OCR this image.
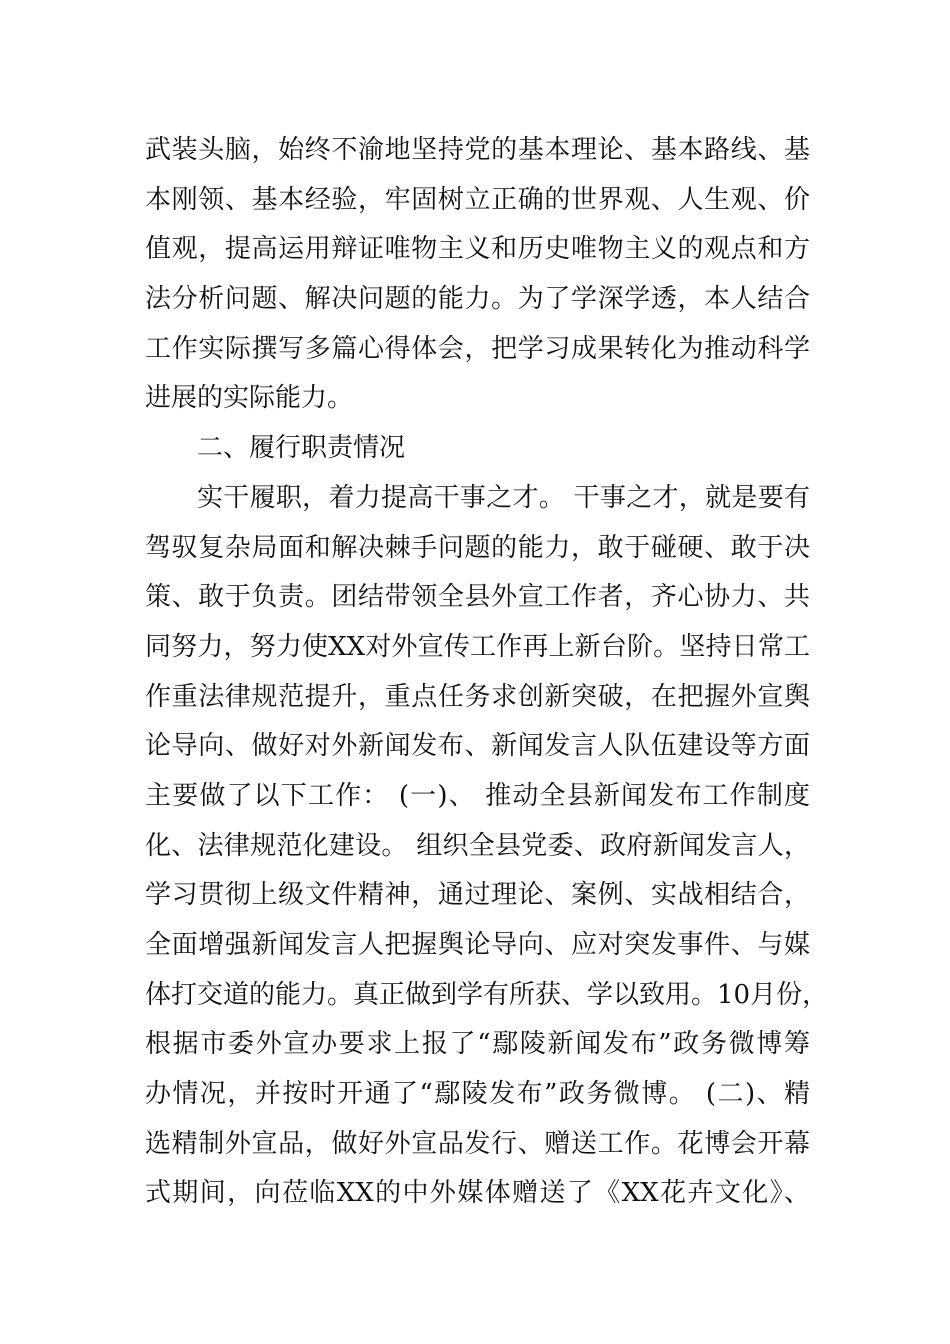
武装头脑，始终不渝地坚持党的基本理论、基本路线、基
本刚领、基本经验，牢固树立正确的世界观、人生观、价
值观，提高运用辩证唯物主义和历史唯物主义的观点和方
法分析问题、解决问题的能力。为了学深学透，本人结合
工作实际撰写多篇心得体会，把学习成果转化为推动科学
进展的实际能力。
二、履行职责情况
实干履职，着力提高干事之才。 干事之才，就是要有
驾驭复杂局面和解决棘手问题的能力，敢于碰硬、敢于决
策、敢于负责。团结带领全县外宣工作者，齐心协力、共
同努力，努力使XX对外宣传工作再上新台阶。坚持日常工
作重法律规范提升，重点任务求创新突破，在把握外宣舆
论导向、做好对外新闻发布、新闻发言人队伍建设等方面
主要做了以下工作： (一)、 推动全县新闻发布工作制度
化、法律规范化建设。 组织全县党委、政府新闻发言人，
学习贯彻上级文件精神，通过理论、案例、实战相结合，
全面增强新闻发言人把握舆论导向、应对突发事件、与媒
体打交道的能力。真正做到学有所获、学以致用。10月份，
根据市委外宣办要求上报了“鄢陵新闻发布”政务微博筹
办情况，并按时开通了“鄢陵发布”政务微博。 (二)、精
选精制外宣品，做好外宣品发行、赠送工作。花博会开幕
式期间，向莅临XX的中外媒体赠送了《XX花卉文化》、
